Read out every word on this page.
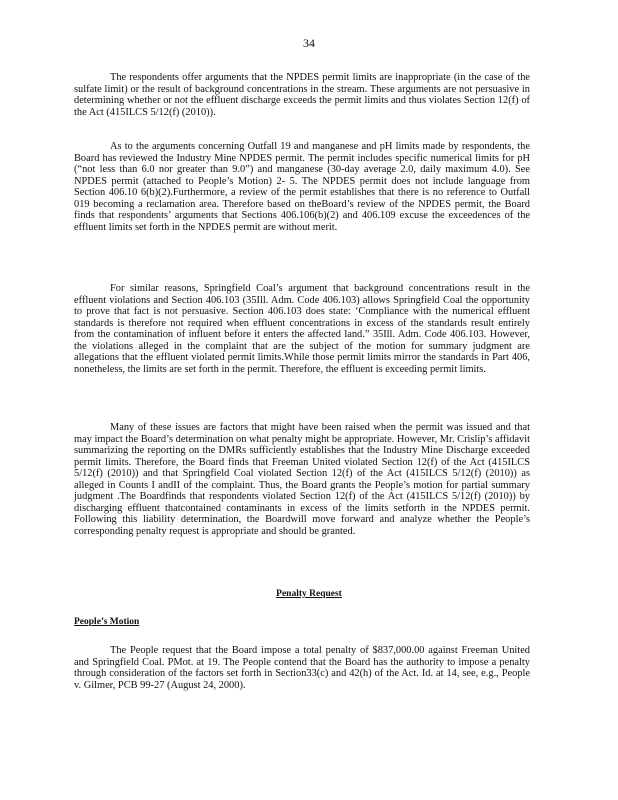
34

The respondents offer arguments that the NPDES permit limits are inappropriate (in the case of the sulfate limit) or the result of background concentrations in the stream. These arguments are not persuasive in determining whether or not the effluent discharge exceeds the permit limits and thus violates Section 12(f) of the Act (415ILCS 5/12(f) (2010)).

As to the arguments concerning Outfall 19 and manganese and pH limits made by respondents, the Board has reviewed the Industry Mine NPDES permit. The permit includes specific numerical limits for pH (“not less than 6.0 nor greater than 9.0”) and manganese (30-day average 2.0, daily maximum 4.0). See NPDES permit (attached to People’s Motion) 2- 5. The NPDES permit does not include language from Section 406.10 6(b)(2).Furthermore, a review of the permit establishes that there is no reference to Outfall 019 becoming a reclamation area. Therefore based on theBoard’s review of the NPDES permit, the Board finds that respondents’ arguments that Sections 406.106(b)(2) and 406.109 excuse the exceedences of the effluent limits set forth in the NPDES permit are without merit.

For similar reasons, Springfield Coal’s argument that background concentrations result in the effluent violations and Section 406.103 (35Ill. Adm. Code 406.103) allows Springfield Coal the opportunity to prove that fact is not persuasive. Section 406.103 does state: ‘Compliance with the numerical effluent standards is therefore not required when effluent concentrations in excess of the standards result entirely from the contamination of influent before it enters the affected land.” 35Ill. Adm. Code 406.103. However, the violations alleged in the complaint that are the subject of the motion for summary judgment are allegations that the effluent violated permit limits.While those permit limits mirror the standards in Part 406, nonetheless, the limits are set forth in the permit. Therefore, the effluent is exceeding permit limits.

Many of these issues are factors that might have been raised when the permit was issued and that may impact the Board’s determination on what penalty might be appropriate. However, Mr. Crislip’s affidavit summarizing the reporting on the DMRs sufficiently establishes that the Industry Mine Discharge exceeded permit limits. Therefore, the Board finds that Freeman United violated Section 12(f) of the Act (415ILCS 5/12(f) (2010)) and that Springfield Coal violated Section 12(f) of the Act (415ILCS 5/12(f) (2010)) as alleged in Counts I andII of the complaint. Thus, the Board grants the People’s motion for partial summary judgment .The Boardfinds that respondents violated Section 12(f) of the Act (415ILCS 5/12(f) (2010)) by discharging effluent thatcontained contaminants in excess of the limits setforth in the NPDES permit. Following this liability determination, the Boardwill move forward and analyze whether the People’s corresponding penalty request is appropriate and should be granted.

Penalty Request
People’s Motion

The People request that the Board impose a total penalty of $837,000.00 against Freeman United and Springfield Coal. PMot. at 19. The People contend that the Board has the authority to impose a penalty through consideration of the factors set forth in Section33(c) and 42(h) of the Act. Id. at 14, see, e.g., People v. Gilmer, PCB 99-27 (August 24, 2000).
